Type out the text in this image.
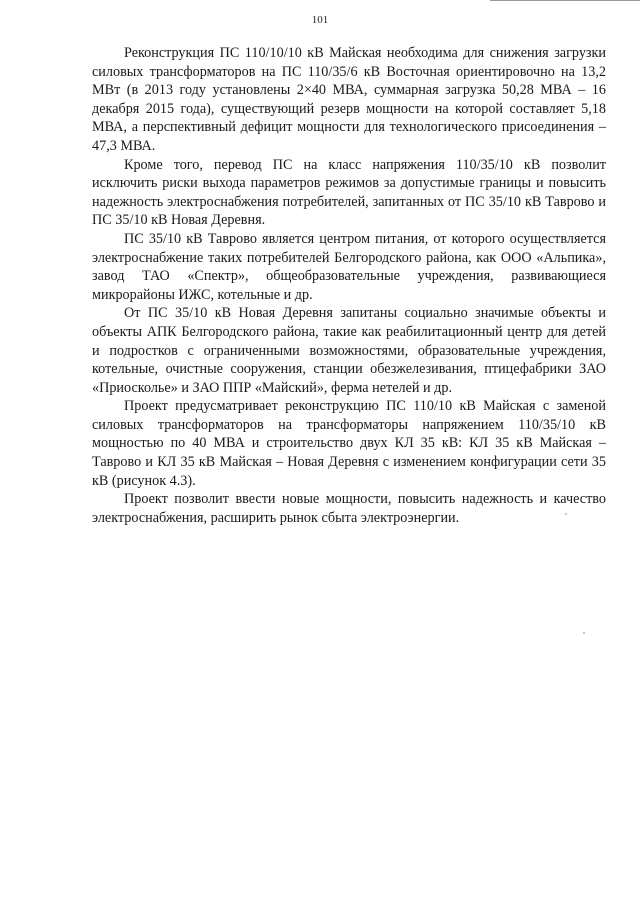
101

Реконструкция ПС 110/10/10 кВ Майская необходима для снижения загрузки силовых трансформаторов на ПС 110/35/6 кВ Восточная ориентировочно на 13,2 МВт (в 2013 году установлены 2×40 МВА, суммарная загрузка 50,28 МВА – 16 декабря 2015 года), существующий резерв мощности на которой составляет 5,18 МВА, а перспективный дефицит мощности для технологического присоединения – 47,3 МВА.

Кроме того, перевод ПС на класс напряжения 110/35/10 кВ позволит исключить риски выхода параметров режимов за допустимые границы и повысить надежность электроснабжения потребителей, запитанных от ПС 35/10 кВ Таврово и ПС 35/10 кВ Новая Деревня.

ПС 35/10 кВ Таврово является центром питания, от которого осуществляется электроснабжение таких потребителей Белгородского района, как ООО «Альпика», завод ТАО «Спектр», общеобразовательные учреждения, развивающиеся микрорайоны ИЖС, котельные и др.

От ПС 35/10 кВ Новая Деревня запитаны социально значимые объекты и объекты АПК Белгородского района, такие как реабилитационный центр для детей и подростков с ограниченными возможностями, образовательные учреждения, котельные, очистные сооружения, станции обезжелезивания, птицефабрики ЗАО «Приосколье» и ЗАО ППР «Майский», ферма нетелей и др.

Проект предусматривает реконструкцию ПС 110/10 кВ Майская с заменой силовых трансформаторов на трансформаторы напряжением 110/35/10 кВ мощностью по 40 МВА и строительство двух КЛ 35 кВ: КЛ 35 кВ Майская – Таврово и КЛ 35 кВ Майская – Новая Деревня с изменением конфигурации сети 35 кВ (рисунок 4.3).

Проект позволит ввести новые мощности, повысить надежность и качество электроснабжения, расширить рынок сбыта электроэнергии.
